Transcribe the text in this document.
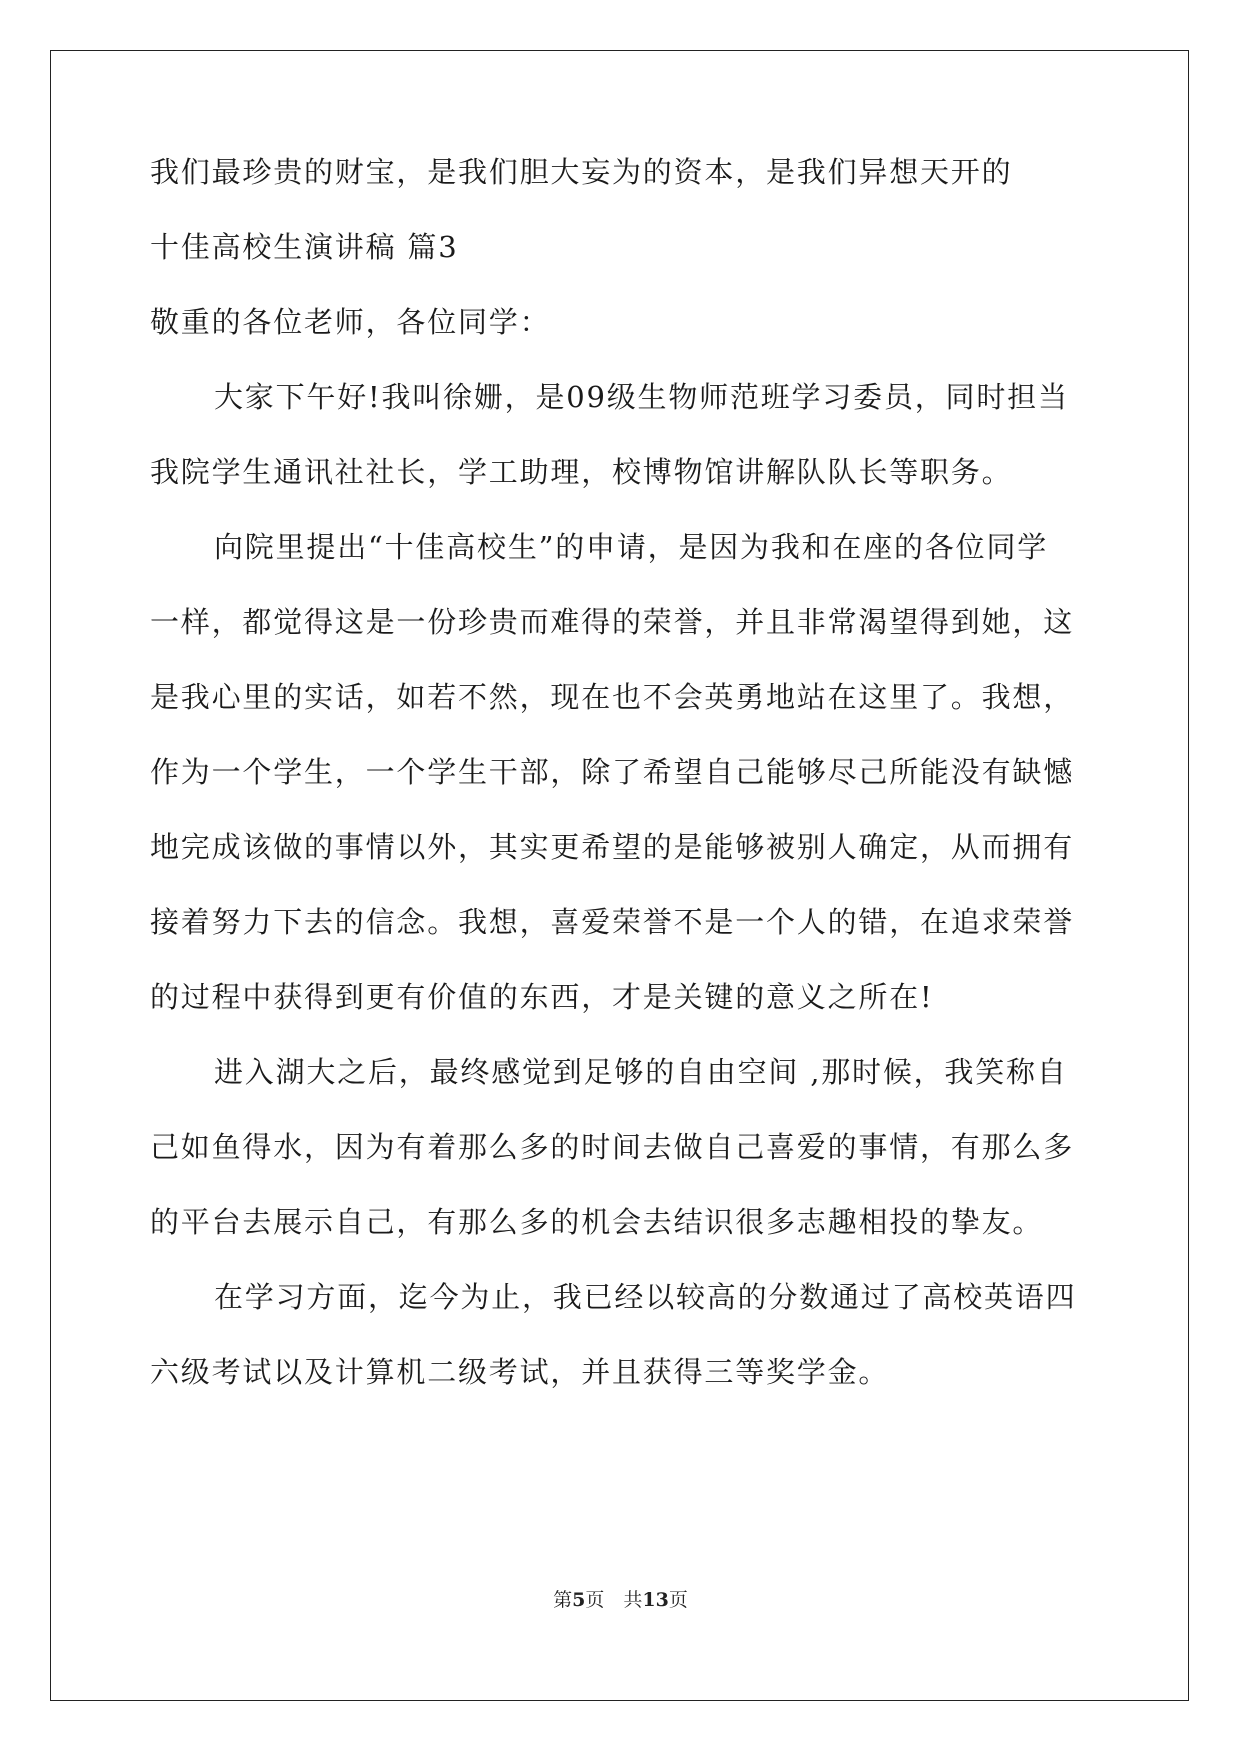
我们最珍贵的财宝，是我们胆大妄为的资本，是我们异想天开的
十佳高校生演讲稿 篇3
敬重的各位老师，各位同学：
大家下午好!我叫徐姗，是09级生物师范班学习委员，同时担当
我院学生通讯社社长，学工助理，校博物馆讲解队队长等职务。
向院里提出“十佳高校生”的申请，是因为我和在座的各位同学
一样，都觉得这是一份珍贵而难得的荣誉，并且非常渴望得到她，这
是我心里的实话，如若不然，现在也不会英勇地站在这里了。我想，
作为一个学生，一个学生干部，除了希望自己能够尽己所能没有缺憾
地完成该做的事情以外，其实更希望的是能够被别人确定，从而拥有
接着努力下去的信念。我想，喜爱荣誉不是一个人的错，在追求荣誉
的过程中获得到更有价值的东西，才是关键的意义之所在!
进入湖大之后，最终感觉到足够的自由空间 ,那时候，我笑称自
己如鱼得水，因为有着那么多的时间去做自己喜爱的事情，有那么多
的平台去展示自己，有那么多的机会去结识很多志趣相投的挚友。
在学习方面，迄今为止，我已经以较高的分数通过了高校英语四
六级考试以及计算机二级考试，并且获得三等奖学金。
第5页　共13页
